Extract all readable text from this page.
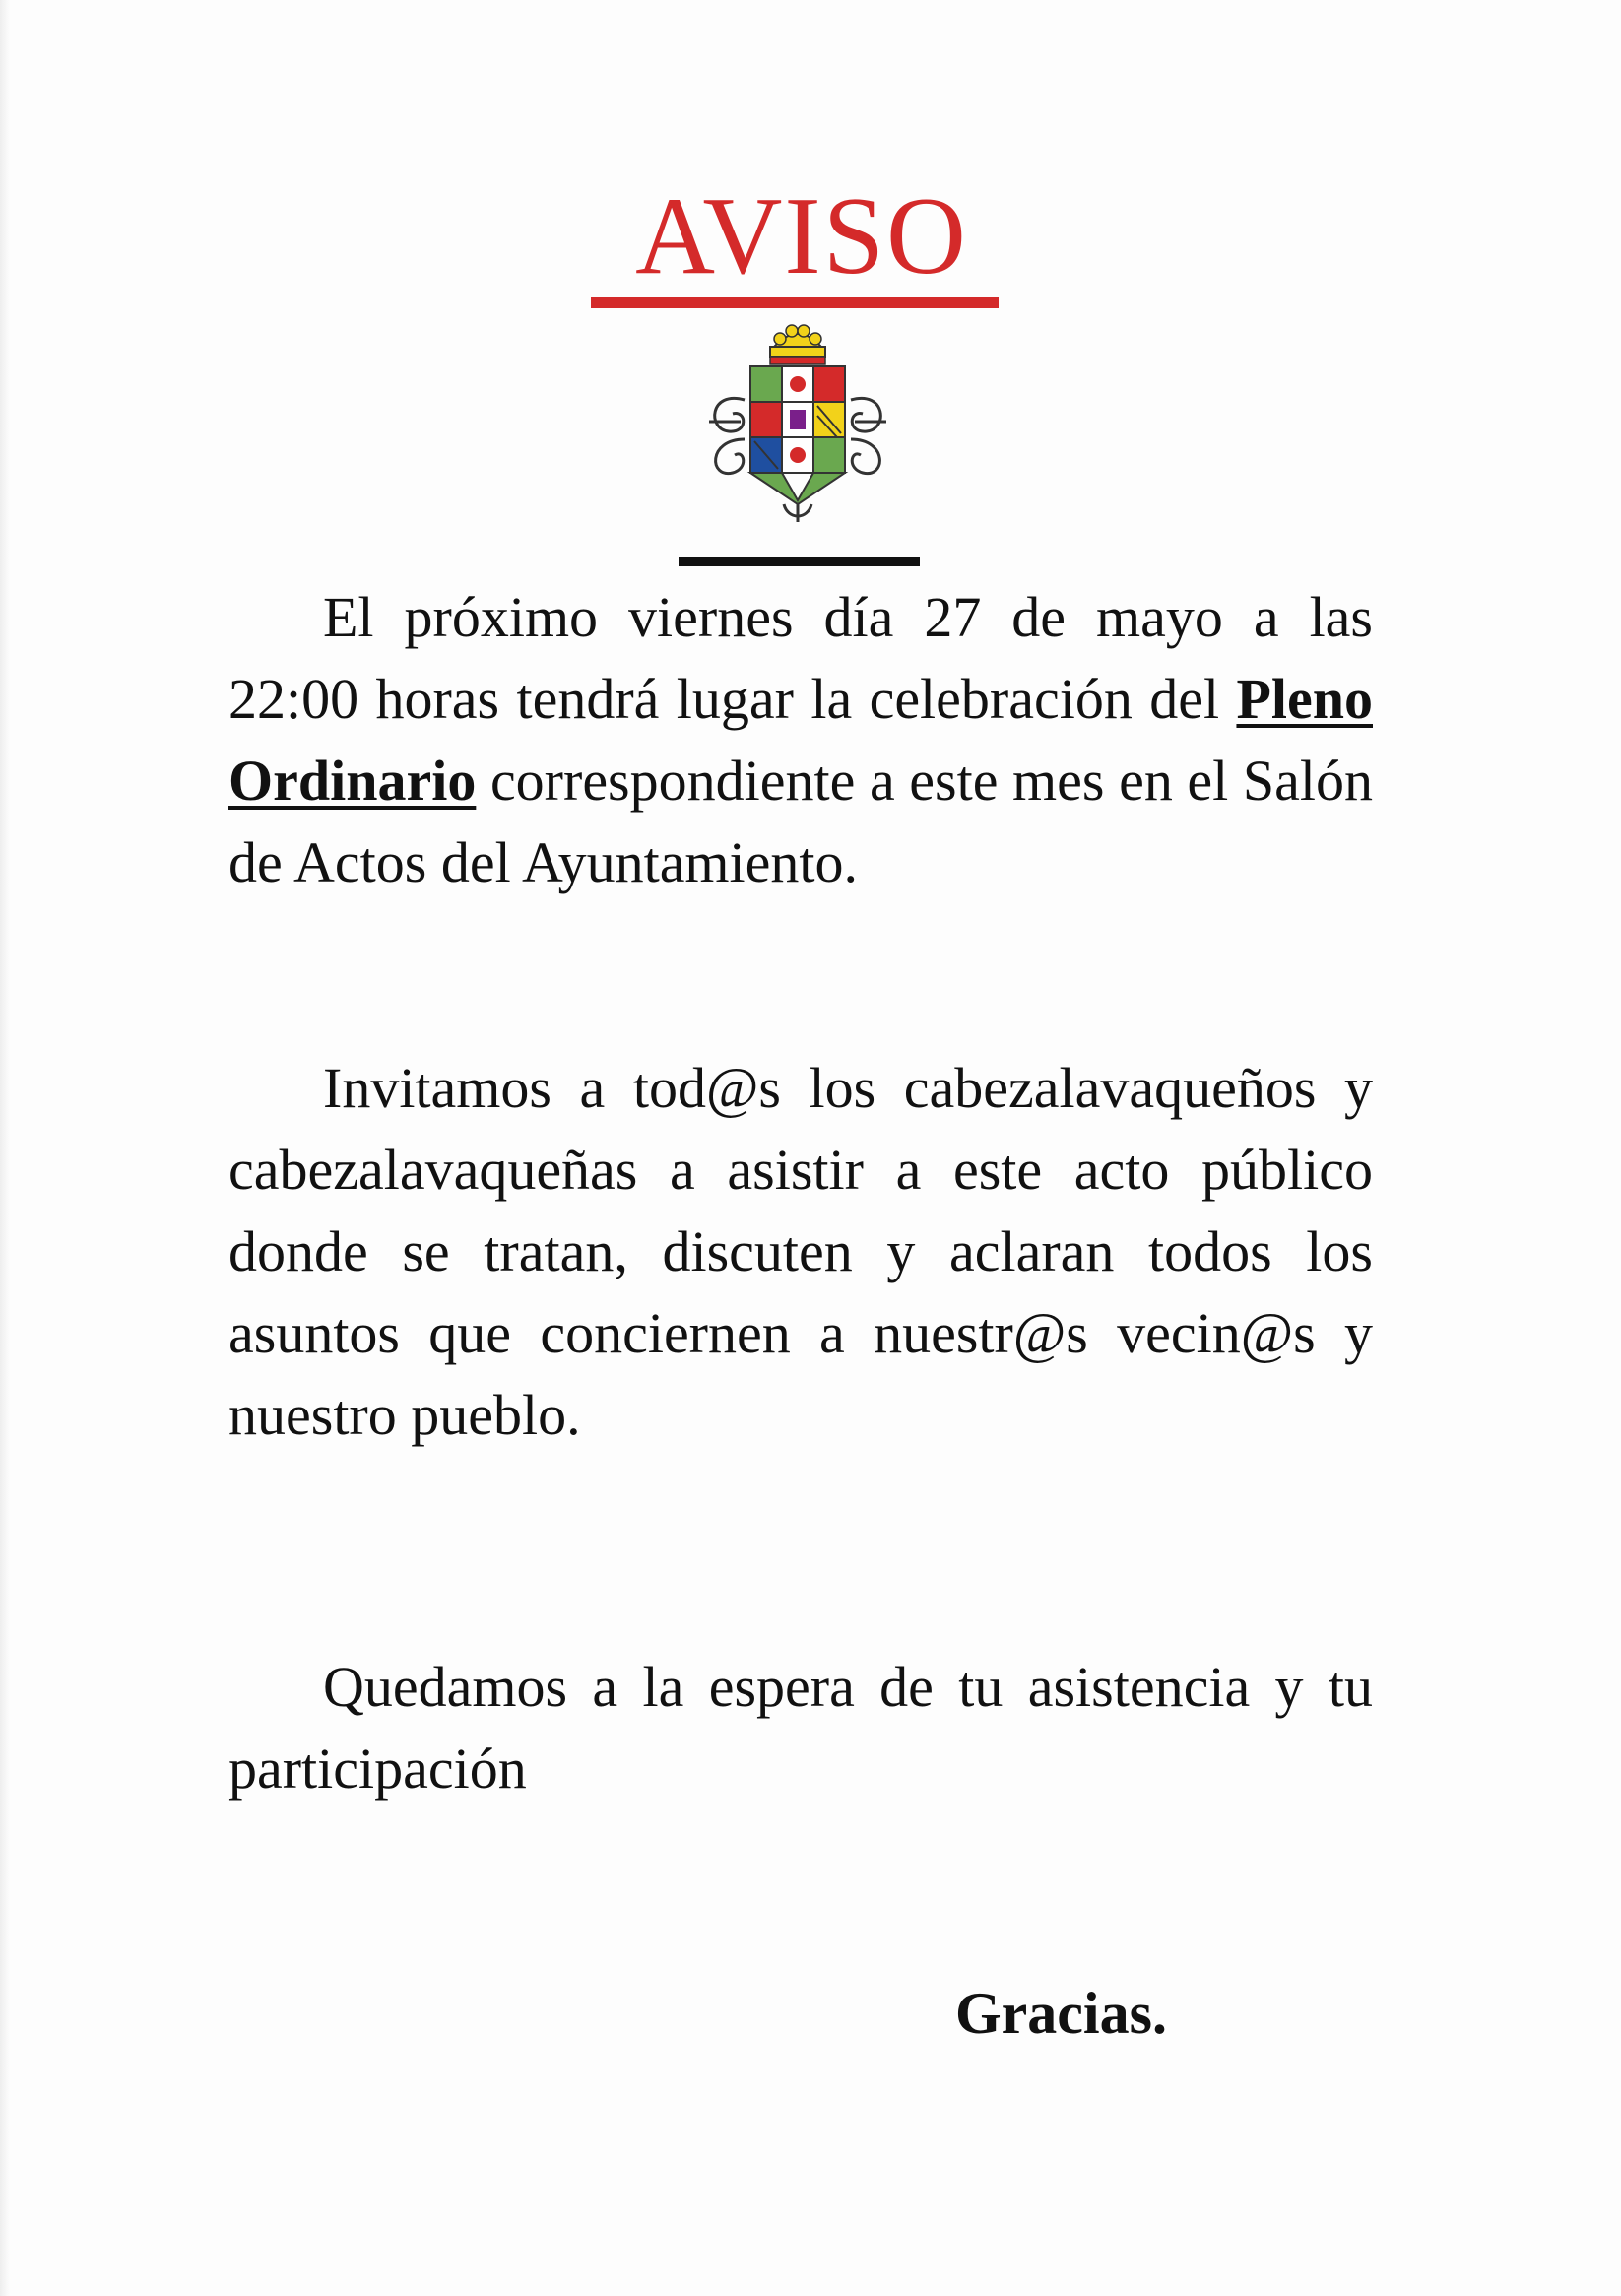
AVISO

El próximo viernes día 27 de mayo a las 22:00 horas tendrá lugar la celebración del Pleno Ordinario correspondiente a este mes en el Salón de Actos del Ayuntamiento.

Invitamos a tod@s los cabezalavaqueños y cabezalavaqueñas a asistir a este acto público donde se tratan, discuten y aclaran todos los asuntos que conciernen a nuestr@s vecin@s y nuestro pueblo.

Quedamos a la espera de tu asistencia y tu participación

Gracias.
